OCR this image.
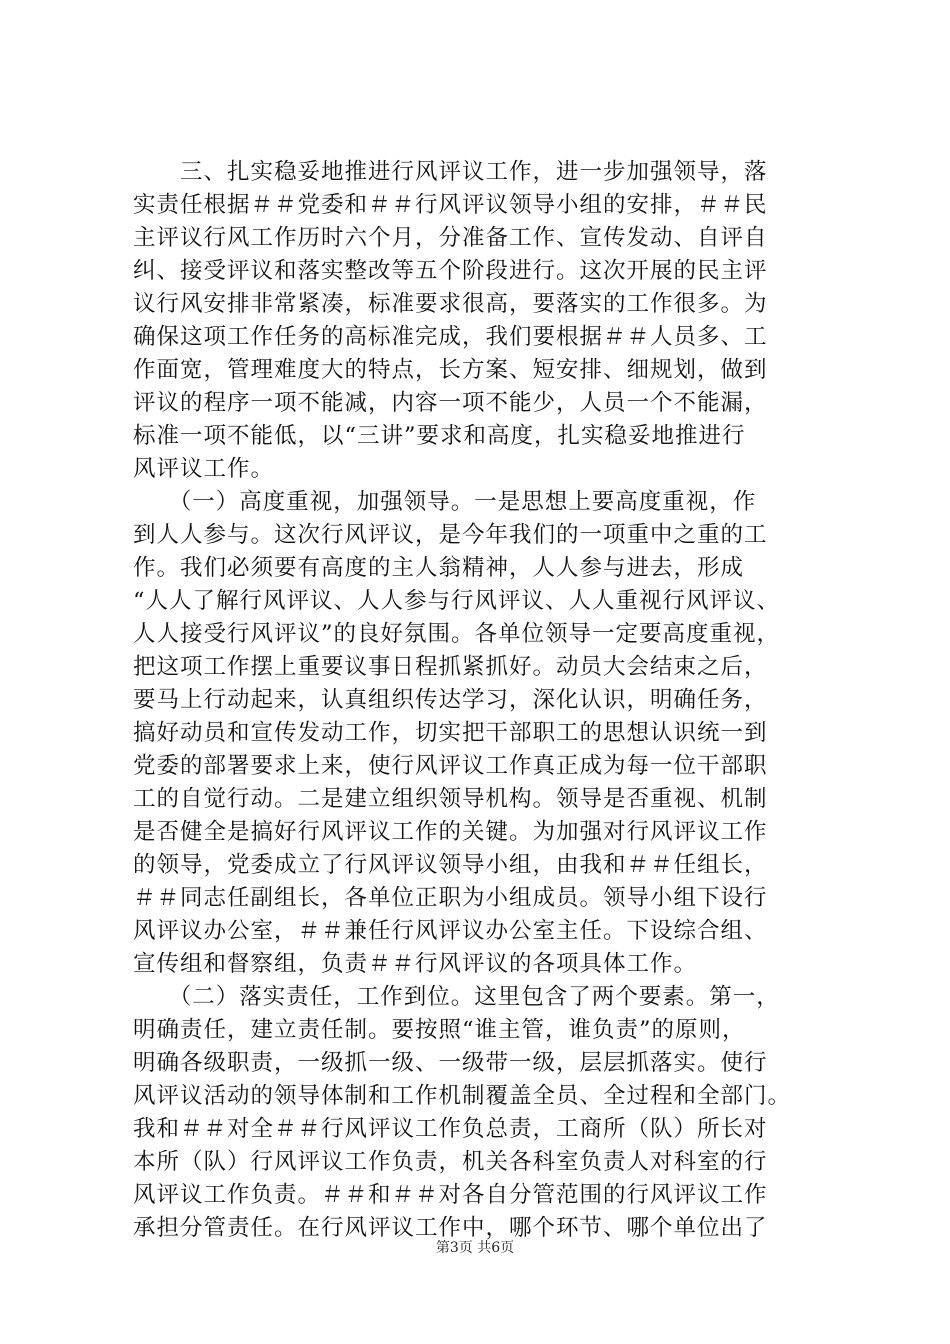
　　三、扎实稳妥地推进行风评议工作，进一步加强领导，落
实责任根据＃＃党委和＃＃行风评议领导小组的安排，＃＃民
主评议行风工作历时六个月，分准备工作、宣传发动、自评自
纠、接受评议和落实整改等五个阶段进行。这次开展的民主评
议行风安排非常紧凑，标准要求很高，要落实的工作很多。为
确保这项工作任务的高标准完成，我们要根据＃＃人员多、工
作面宽，管理难度大的特点，长方案、短安排、细规划，做到
评议的程序一项不能减，内容一项不能少，人员一个不能漏，
标准一项不能低，以“三讲”要求和高度，扎实稳妥地推进行
风评议工作。
　　（一）高度重视，加强领导。一是思想上要高度重视，作
到人人参与。这次行风评议，是今年我们的一项重中之重的工
作。我们必须要有高度的主人翁精神，人人参与进去，形成
“人人了解行风评议、人人参与行风评议、人人重视行风评议、
人人接受行风评议”的良好氛围。各单位领导一定要高度重视，
把这项工作摆上重要议事日程抓紧抓好。动员大会结束之后，
要马上行动起来，认真组织传达学习，深化认识，明确任务，
搞好动员和宣传发动工作，切实把干部职工的思想认识统一到
党委的部署要求上来，使行风评议工作真正成为每一位干部职
工的自觉行动。二是建立组织领导机构。领导是否重视、机制
是否健全是搞好行风评议工作的关键。为加强对行风评议工作
的领导，党委成立了行风评议领导小组，由我和＃＃任组长，
＃＃同志任副组长，各单位正职为小组成员。领导小组下设行
风评议办公室，＃＃兼任行风评议办公室主任。下设综合组、
宣传组和督察组，负责＃＃行风评议的各项具体工作。
　　（二）落实责任，工作到位。这里包含了两个要素。第一，
明确责任，建立责任制。要按照“谁主管，谁负责”的原则，
明确各级职责，一级抓一级、一级带一级，层层抓落实。使行
风评议活动的领导体制和工作机制覆盖全员、全过程和全部门。
我和＃＃对全＃＃行风评议工作负总责，工商所（队）所长对
本所（队）行风评议工作负责，机关各科室负责人对科室的行
风评议工作负责。＃＃和＃＃对各自分管范围的行风评议工作
承担分管责任。在行风评议工作中，哪个环节、哪个单位出了
第3页 共6页
